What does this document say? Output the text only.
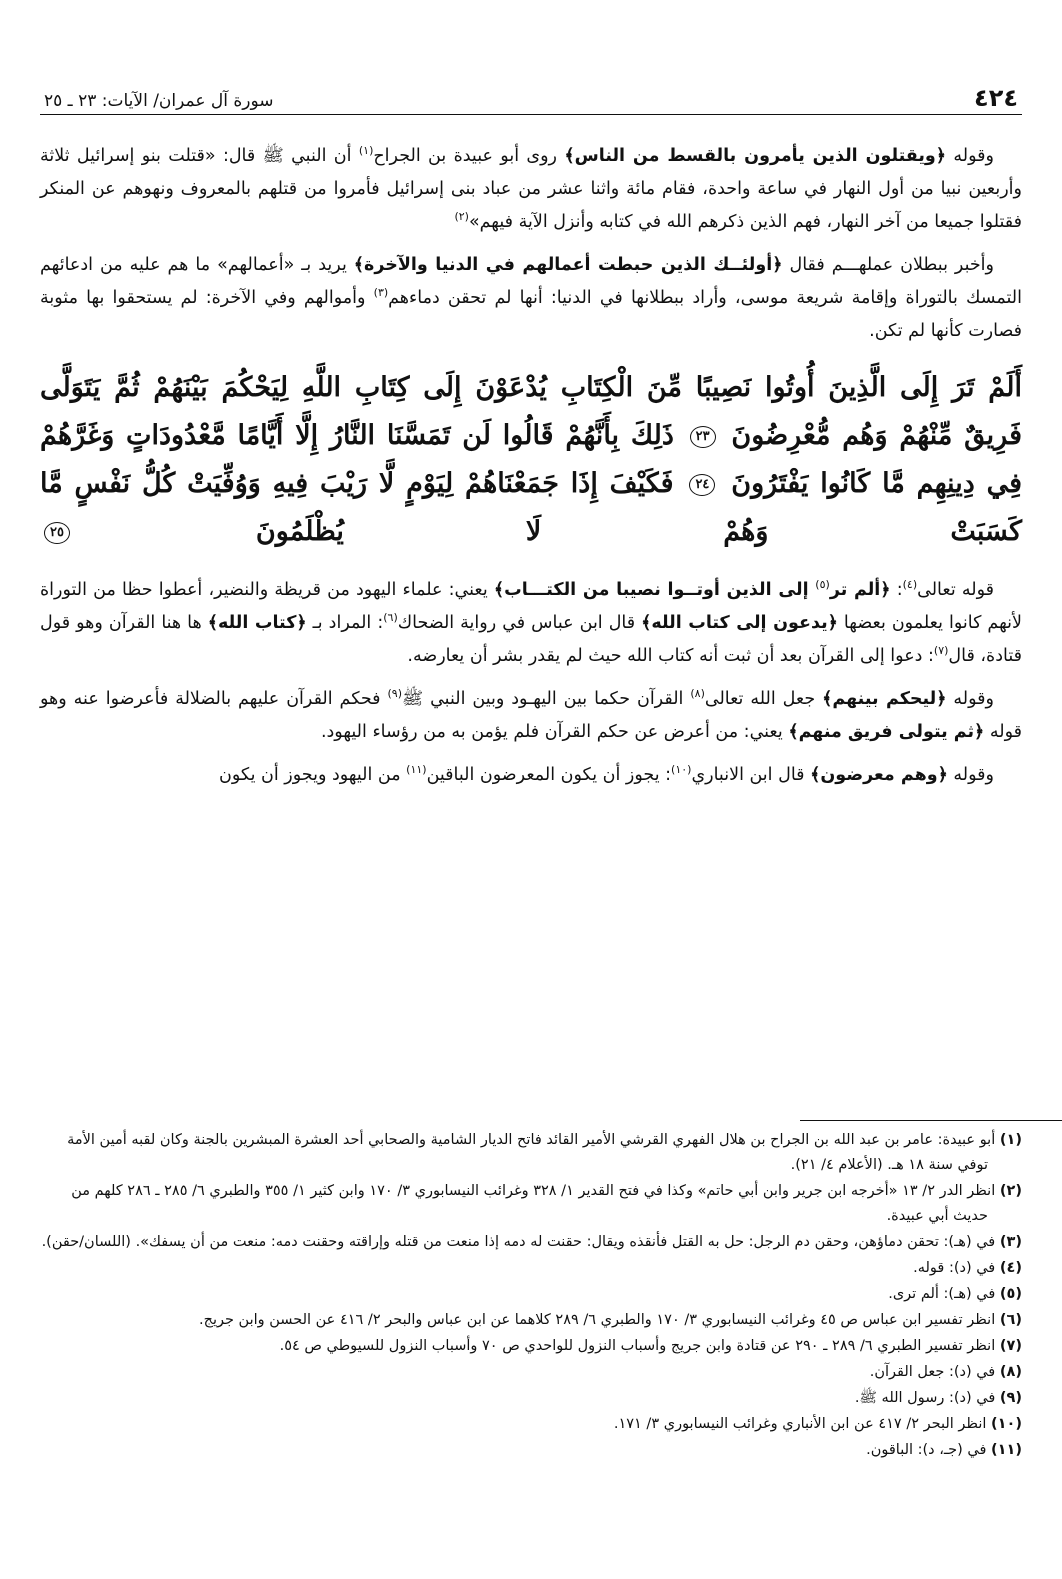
٤٢٤
سورة آل عمران/ الآيات: ٢٣ ـ ٢٥

وقوله ﴿ويقتلون الذين يأمرون بالقسط من الناس﴾ روى أبو عبيدة بن الجراح$^{(١)}$ أن النبي ﷺ قال: «قتلت بنو إسرائيل ثلاثة وأربعين نبيا من أول النهار في ساعة واحدة، فقام مائة واثنا عشر من عباد بنى إسرائيل فأمروا من قتلهم بالمعروف ونهوهم عن المنكر فقتلوا جميعا من آخر النهار، فهم الذين ذكرهم الله في كتابه وأنزل الآية فيهم»$^{(٢)}$

وأخبر ببطلان عملهـــم فقال ﴿أولئــك الذين حبطت أعمالهم في الدنيا والآخرة﴾ يريد بـ «أعمالهم» ما هم عليه من ادعائهم التمسك بالتوراة وإقامة شريعة موسى، وأراد ببطلانها في الدنيا: أنها لم تحقن دماءهم$^{(٣)}$ وأموالهم وفي الآخرة: لم يستحقوا بها مثوبة فصارت كأنها لم تكن.

أَلَمْ تَرَ إِلَى الَّذِينَ أُوتُوا نَصِيبًا مِّنَ الْكِتَابِ يُدْعَوْنَ إِلَى كِتَابِ اللَّهِ لِيَحْكُمَ بَيْنَهُمْ ثُمَّ يَتَوَلَّى فَرِيقٌ مِّنْهُمْ وَهُم مُّعْرِضُونَ ٢٣ ذَلِكَ بِأَنَّهُمْ قَالُوا لَن تَمَسَّنَا النَّارُ إِلَّا أَيَّامًا مَّعْدُودَاتٍ وَغَرَّهُمْ فِي دِينِهِم مَّا كَانُوا يَفْتَرُونَ ٢٤ فَكَيْفَ إِذَا جَمَعْنَاهُمْ لِيَوْمٍ لَّا رَيْبَ فِيهِ وَوُفِّيَتْ كُلُّ نَفْسٍ مَّا كَسَبَتْ وَهُمْ لَا يُظْلَمُونَ ٢٥

قوله تعالى$^{(٤)}$: ﴿ألم تر$^{(٥)}$ إلى الذين أوتــوا نصيبا من الكتـــاب﴾ يعني: علماء اليهود من قريظة والنضير، أعطوا حظا من التوراة لأنهم كانوا يعلمون بعضها ﴿يدعون إلى كتاب الله﴾ قال ابن عباس في رواية الضحاك$^{(٦)}$: المراد بـ ﴿كتاب الله﴾ ها هنا القرآن وهو قول قتادة، قال$^{(٧)}$: دعوا إلى القرآن بعد أن ثبت أنه كتاب الله حيث لم يقدر بشر أن يعارضه.

وقوله ﴿ليحكم بينهم﴾ جعل الله تعالى$^{(٨)}$ القرآن حكما بين اليهـود وبين النبي ﷺ$^{(٩)}$ فحكم القرآن عليهم بالضلالة فأعرضوا عنه وهو قوله ﴿ثم يتولى فريق منهم﴾ يعني: من أعرض عن حكم القرآن فلم يؤمن به من رؤساء اليهود.

وقوله ﴿وهم معرضون﴾ قال ابن الانباري$^{(١٠)}$: يجوز أن يكون المعرضون الباقين$^{(١١)}$ من اليهود ويجوز أن يكون

(١) أبو عبيدة: عامر بن عبد الله بن الجراح بن هلال الفهري القرشي الأمير القائد فاتح الديار الشامية والصحابي أحد العشرة المبشرين بالجنة وكان لقبه أمين الأمة توفي سنة ١٨ هـ. (الأعلام ٤/ ٢١).

(٢) انظر الدر ٢/ ١٣ «أخرجه ابن جرير وابن أبي حاتم» وكذا في فتح القدير ١/ ٣٢٨ وغرائب النيسابوري ٣/ ١٧٠ وابن كثير ١/ ٣٥٥ والطبري ٦/ ٢٨٥ ـ ٢٨٦ كلهم من حديث أبي عبيدة.

(٣) في (هـ): تحقن دماؤهن، وحقن دم الرجل: حل به القتل فأنقذه ويقال: حقنت له دمه إذا منعت من قتله وإراقته وحقنت دمه: منعت من أن يسفك». (اللسان/حقن).

(٤) في (د): قوله.

(٥) في (هـ): ألم ترى.

(٦) انظر تفسير ابن عباس ص ٤٥ وغرائب النيسابوري ٣/ ١٧٠ والطبري ٦/ ٢٨٩ كلاهما عن ابن عباس والبحر ٢/ ٤١٦ عن الحسن وابن جريج.

(٧) انظر تفسير الطبري ٦/ ٢٨٩ ـ ٢٩٠ عن قتادة وابن جريج وأسباب النزول للواحدي ص ٧٠ وأسباب النزول للسيوطي ص ٥٤.

(٨) في (د): جعل القرآن.

(٩) في (د): رسول الله ﷺ.

(١٠) انظر البحر ٢/ ٤١٧ عن ابن الأنباري وغرائب النيسابوري ٣/ ١٧١.

(١١) في (جـ، د): الباقون.
